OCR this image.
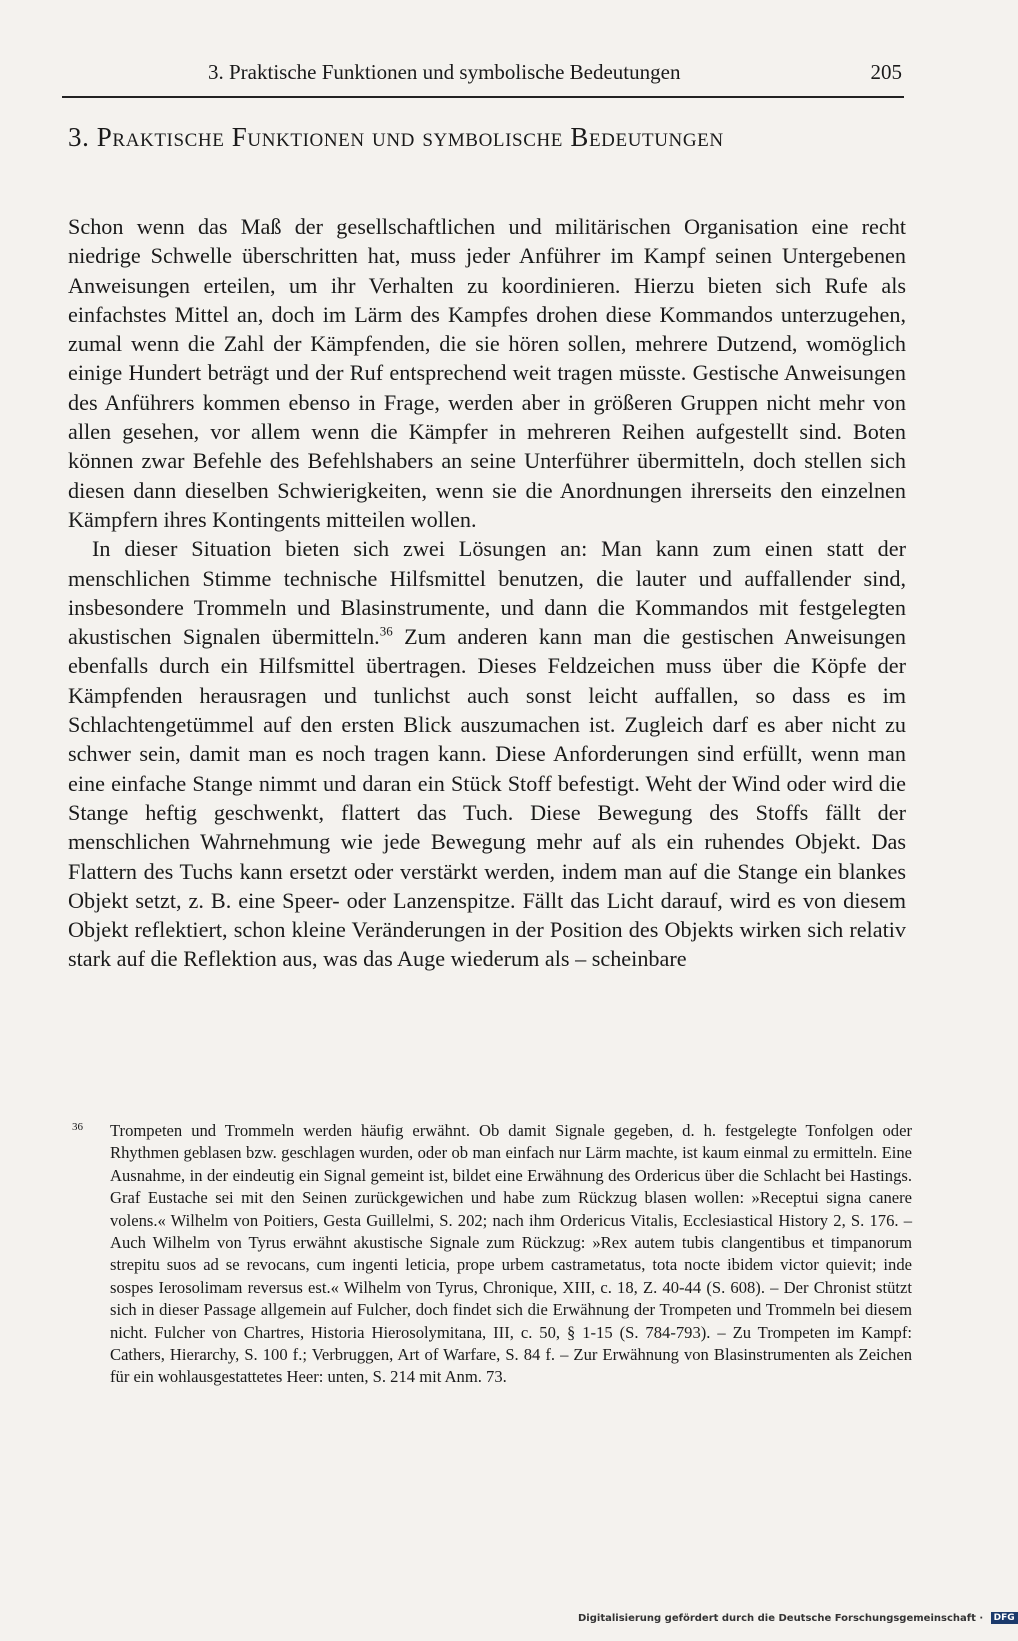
3. Praktische Funktionen und symbolische Bedeutungen	205
3. Praktische Funktionen und symbolische Bedeutungen

Schon wenn das Maß der gesellschaftlichen und militärischen Organisation eine recht niedrige Schwelle überschritten hat, muss jeder Anführer im Kampf seinen Untergebenen Anweisungen erteilen, um ihr Verhalten zu koordinieren. Hierzu bieten sich Rufe als einfachstes Mittel an, doch im Lärm des Kampfes drohen diese Kommandos unterzugehen, zumal wenn die Zahl der Kämpfenden, die sie hören sollen, mehrere Dutzend, womöglich einige Hundert beträgt und der Ruf entsprechend weit tragen müsste. Gestische Anweisungen des Anführers kommen ebenso in Frage, werden aber in größeren Gruppen nicht mehr von allen gesehen, vor allem wenn die Kämpfer in mehreren Reihen aufgestellt sind. Boten können zwar Befehle des Befehlshabers an seine Unterführer übermitteln, doch stellen sich diesen dann dieselben Schwierigkeiten, wenn sie die Anordnungen ihrerseits den einzelnen Kämpfern ihres Kontingents mitteilen wollen.

In dieser Situation bieten sich zwei Lösungen an: Man kann zum einen statt der menschlichen Stimme technische Hilfsmittel benutzen, die lauter und auffallender sind, insbesondere Trommeln und Blasinstrumente, und dann die Kommandos mit festgelegten akustischen Signalen übermitteln.$^{36}$ Zum anderen kann man die gestischen Anweisungen ebenfalls durch ein Hilfsmittel übertragen. Dieses Feldzeichen muss über die Köpfe der Kämpfenden herausragen und tunlichst auch sonst leicht auffallen, so dass es im Schlachtengetümmel auf den ersten Blick auszumachen ist. Zugleich darf es aber nicht zu schwer sein, damit man es noch tragen kann. Diese Anforderungen sind erfüllt, wenn man eine einfache Stange nimmt und daran ein Stück Stoff befestigt. Weht der Wind oder wird die Stange heftig geschwenkt, flattert das Tuch. Diese Bewegung des Stoffs fällt der menschlichen Wahrnehmung wie jede Bewegung mehr auf als ein ruhendes Objekt. Das Flattern des Tuchs kann ersetzt oder verstärkt werden, indem man auf die Stange ein blankes Objekt setzt, z. B. eine Speer- oder Lanzenspitze. Fällt das Licht darauf, wird es von diesem Objekt reflektiert, schon kleine Veränderungen in der Position des Objekts wirken sich relativ stark auf die Reflektion aus, was das Auge wiederum als – scheinbare

36 Trompeten und Trommeln werden häufig erwähnt. Ob damit Signale gegeben, d. h. festgelegte Tonfolgen oder Rhythmen geblasen bzw. geschlagen wurden, oder ob man einfach nur Lärm machte, ist kaum einmal zu ermitteln. Eine Ausnahme, in der eindeutig ein Signal gemeint ist, bildet eine Erwähnung des Ordericus über die Schlacht bei Hastings. Graf Eustache sei mit den Seinen zurückgewichen und habe zum Rückzug blasen wollen: »Receptui signa canere volens.« Wilhelm von Poitiers, Gesta Guillelmi, S. 202; nach ihm Ordericus Vitalis, Ecclesiastical History 2, S. 176. – Auch Wilhelm von Tyrus erwähnt akustische Signale zum Rückzug: »Rex autem tubis clangentibus et timpanorum strepitu suos ad se revocans, cum ingenti leticia, prope urbem castrametatus, tota nocte ibidem victor quievit; inde sospes Ierosolimam reversus est.« Wilhelm von Tyrus, Chronique, XIII, c. 18, Z. 40-44 (S. 608). – Der Chronist stützt sich in dieser Passage allgemein auf Fulcher, doch findet sich die Erwähnung der Trompeten und Trommeln bei diesem nicht. Fulcher von Chartres, Historia Hierosolymitana, III, c. 50, § 1-15 (S. 784-793). – Zu Trompeten im Kampf: Cathers, Hierarchy, S. 100 f.; Verbruggen, Art of Warfare, S. 84 f. – Zur Erwähnung von Blasinstrumenten als Zeichen für ein wohlausgestattetes Heer: unten, S. 214 mit Anm. 73.
Digitalisierung gefördert durch die Deutsche Forschungsgemeinschaft · DFG
